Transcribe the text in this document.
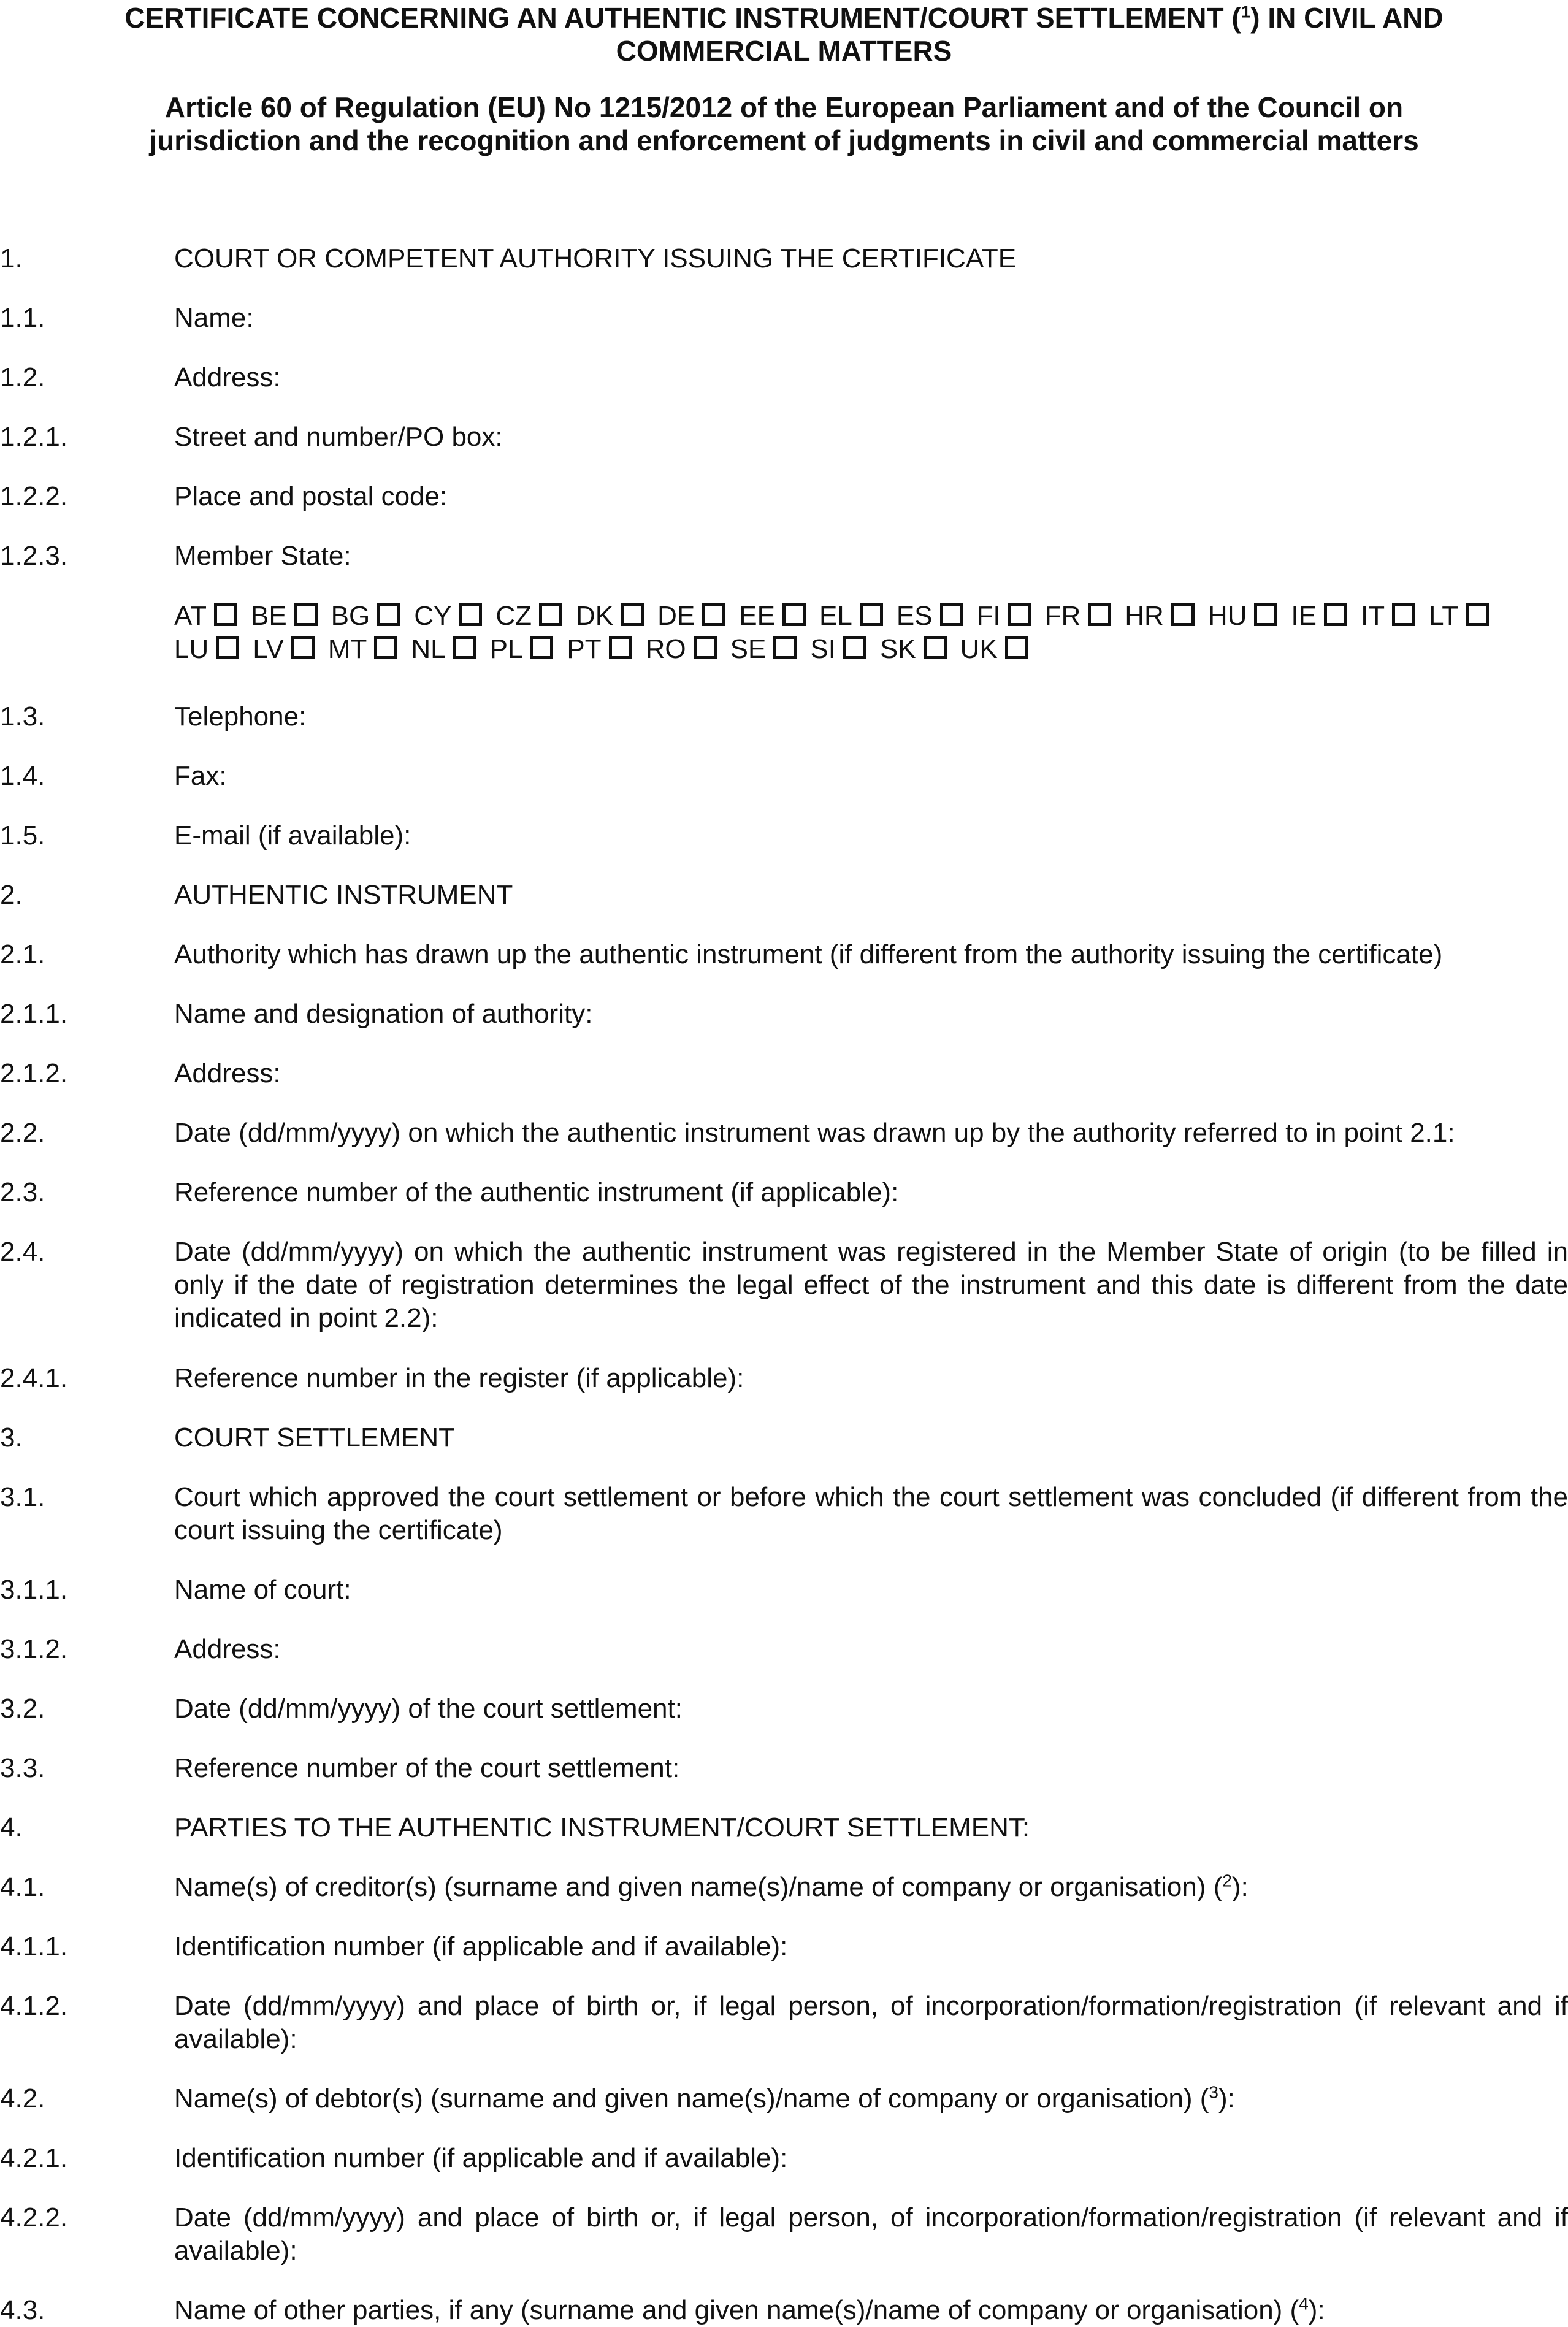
CERTIFICATE CONCERNING AN AUTHENTIC INSTRUMENT/COURT SETTLEMENT ($^1$) IN CIVIL AND
COMMERCIAL MATTERS
Article 60 of Regulation (EU) No 1215/2012 of the European Parliament and of the Council on
jurisdiction and the recognition and enforcement of judgments in civil and commercial matters
1.	COURT OR COMPETENT AUTHORITY ISSUING THE CERTIFICATE
1.1.	Name:
1.2.	Address:
1.2.1.	Street and number/PO box:
1.2.2.	Place and postal code:
1.2.3.	Member State:
AT BE BG CY CZ DK DE EE EL ES FI FR HR HU IE IT LT
LU LV MT NL PL PT RO SE SI SK UK
1.3.	Telephone:
1.4.	Fax:
1.5.	E-mail (if available):
2.	AUTHENTIC INSTRUMENT
2.1.	Authority which has drawn up the authentic instrument (if different from the authority issuing the certificate)
2.1.1.	Name and designation of authority:
2.1.2.	Address:
2.2.	Date (dd/mm/yyyy) on which the authentic instrument was drawn up by the authority referred to in point 2.1:
2.3.	Reference number of the authentic instrument (if applicable):
2.4.	Date (dd/mm/yyyy) on which the authentic instrument was registered in the Member State of origin (to be filled in only if the date of registration determines the legal effect of the instrument and this date is different from the date indicated in point 2.2):
2.4.1.	Reference number in the register (if applicable):
3.	COURT SETTLEMENT
3.1.	Court which approved the court settlement or before which the court settlement was concluded (if different from the court issuing the certificate)
3.1.1.	Name of court:
3.1.2.	Address:
3.2.	Date (dd/mm/yyyy) of the court settlement:
3.3.	Reference number of the court settlement:
4.	PARTIES TO THE AUTHENTIC INSTRUMENT/COURT SETTLEMENT:
4.1.	Name(s) of creditor(s) (surname and given name(s)/name of company or organisation) ($^2$):
4.1.1.	Identification number (if applicable and if available):
4.1.2.	Date (dd/mm/yyyy) and place of birth or, if legal person, of incorporation/formation/registration (if relevant and if available):
4.2.	Name(s) of debtor(s) (surname and given name(s)/name of company or organisation) ($^3$):
4.2.1.	Identification number (if applicable and if available):
4.2.2.	Date (dd/mm/yyyy) and place of birth or, if legal person, of incorporation/formation/registration (if relevant and if available):
4.3.	Name of other parties, if any (surname and given name(s)/name of company or organisation) ($^4$):
